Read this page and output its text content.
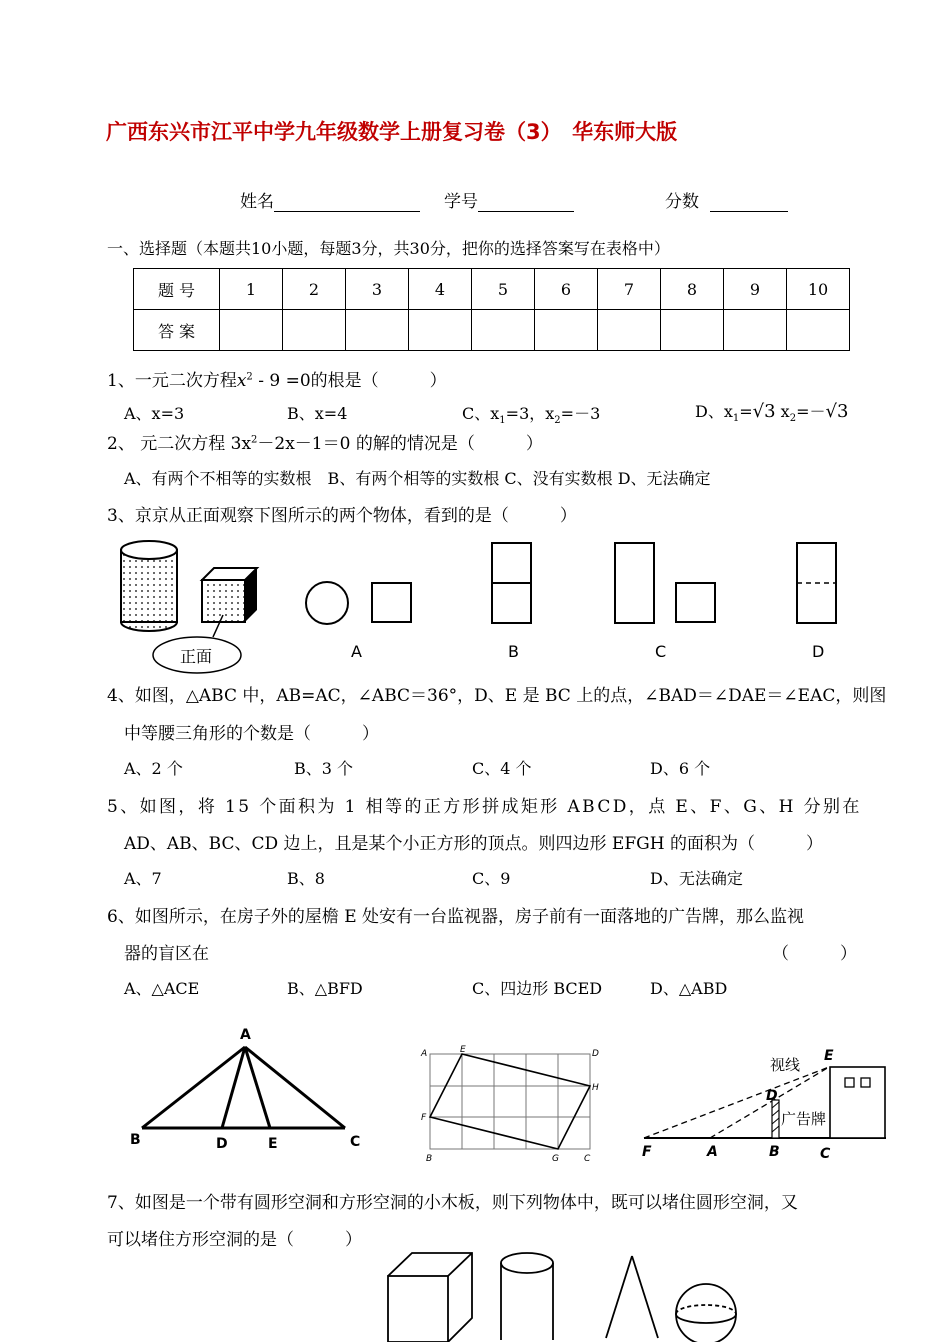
广西东兴市江平中学九年级数学上册复习卷（3）　华东师大版
姓名	学号	分数
一、选择题（本题共10小题，每题3分，共30分，把你的选择答案写在表格中）
题 号	1	2	3	4	5	6	7	8	9	10
答 案										
1、一元二次方程$x^2 - 9 =0$的根是（　　　）
A、x=3	B、x=4	C、$x_1=3$，$x_2=-3$	D、$x_1=√3$ $x_2=-√3$
2、 元二次方程 $3x^2-2x-1=0$ 的解的情况是（　　　）
A、有两个不相等的实数根　B、有两个相等的实数根 C、没有实数根 D、无法确定
3、京京从正面观察下图所示的两个物体，看到的是（　　　）
正面	A	B	C	D
4、如图，△ABC 中，AB=AC，∠ABC＝36°，D、E 是 BC 上的点，∠BAD＝∠DAE＝∠EAC，则图
中等腰三角形的个数是（　　　）
A、2 个	B、3 个	C、4 个	D、6 个
5、如图，将 15 个面积为 1 相等的正方形拼成矩形 ABCD，点 E、F、G、H 分别在
AD、AB、BC、CD 边上，且是某个小正方形的顶点。则四边形 EFGH 的面积为（　　　）
A、7	B、8	C、9	D、无法确定
6、如图所示，在房子外的屋檐 E 处安有一台监视器，房子前有一面落地的广告牌，那么监视
器的盲区在	（　　　）
A、△ACE	B、△BFD	C、四边形 BCED	D、△ABD
A
B	D	E	C
A	E	D
H
F
B	G	C
视线
广告牌
E
D
F	A	B	C
7、如图是一个带有圆形空洞和方形空洞的小木板，则下列物体中，既可以堵住圆形空洞，又
可以堵住方形空洞的是（　　　）
